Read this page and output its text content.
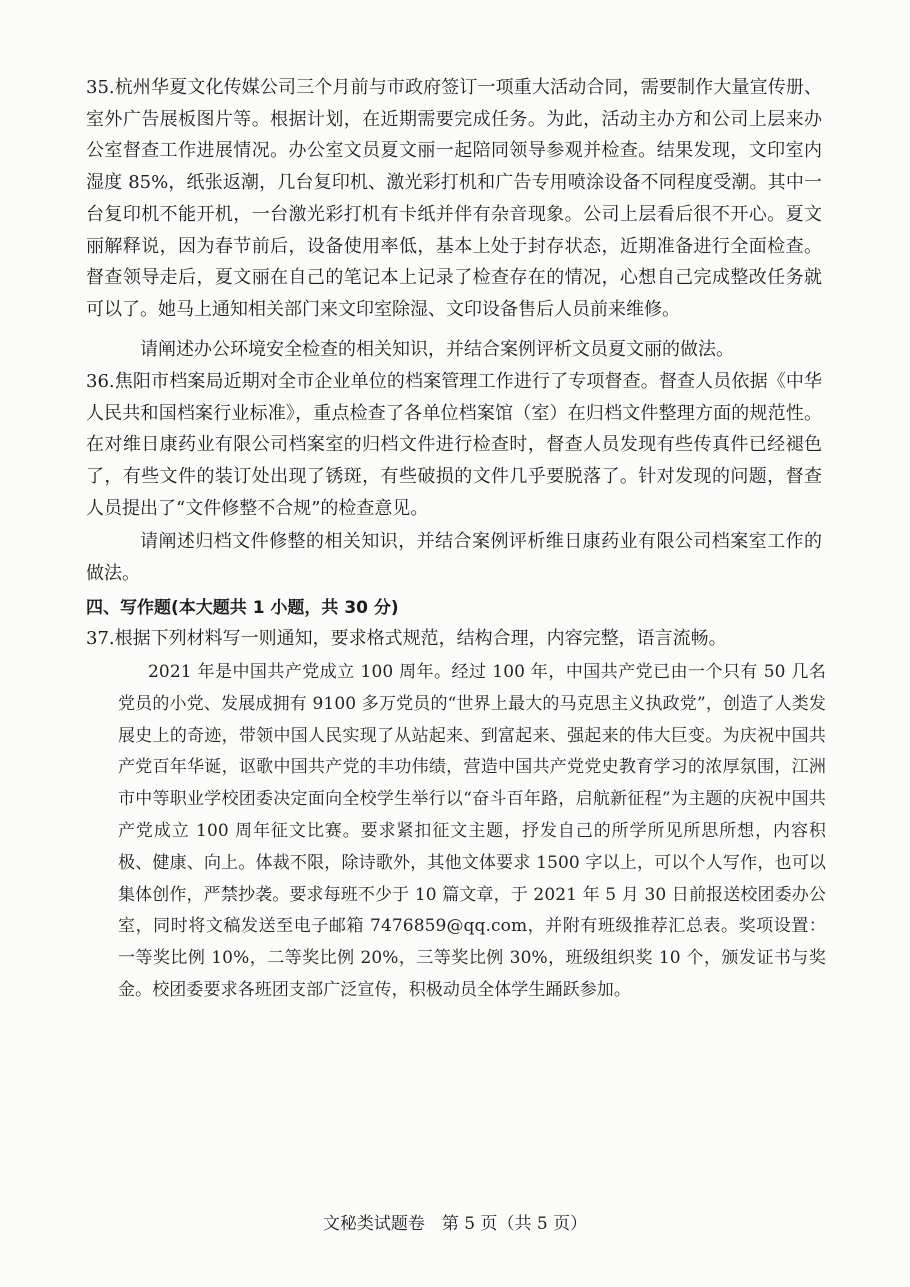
35.杭州华夏文化传媒公司三个月前与市政府签订一项重大活动合同，需要制作大量宣传册、室外广告展板图片等。根据计划，在近期需要完成任务。为此，活动主办方和公司上层来办公室督查工作进展情况。办公室文员夏文丽一起陪同领导参观并检查。结果发现，文印室内湿度 85%，纸张返潮，几台复印机、激光彩打机和广告专用喷涂设备不同程度受潮。其中一台复印机不能开机，一台激光彩打机有卡纸并伴有杂音现象。公司上层看后很不开心。夏文丽解释说，因为春节前后，设备使用率低，基本上处于封存状态，近期准备进行全面检查。督查领导走后，夏文丽在自己的笔记本上记录了检查存在的情况，心想自己完成整改任务就可以了。她马上通知相关部门来文印室除湿、文印设备售后人员前来维修。
请阐述办公环境安全检查的相关知识，并结合案例评析文员夏文丽的做法。
36.焦阳市档案局近期对全市企业单位的档案管理工作进行了专项督查。督查人员依据《中华人民共和国档案行业标准》，重点检查了各单位档案馆（室）在归档文件整理方面的规范性。在对维日康药业有限公司档案室的归档文件进行检查时，督查人员发现有些传真件已经褪色了，有些文件的装订处出现了锈斑，有些破损的文件几乎要脱落了。针对发现的问题，督查人员提出了“文件修整不合规”的检查意见。
请阐述归档文件修整的相关知识，并结合案例评析维日康药业有限公司档案室工作的做法。
四、写作题(本大题共 1 小题，共 30 分)
37.根据下列材料写一则通知，要求格式规范，结构合理，内容完整，语言流畅。
2021 年是中国共产党成立 100 周年。经过 100 年，中国共产党已由一个只有 50 几名党员的小党、发展成拥有 9100 多万党员的“世界上最大的马克思主义执政党”，创造了人类发展史上的奇迹，带领中国人民实现了从站起来、到富起来、强起来的伟大巨变。为庆祝中国共产党百年华诞，讴歌中国共产党的丰功伟绩，营造中国共产党党史教育学习的浓厚氛围，江洲市中等职业学校团委决定面向全校学生举行以“奋斗百年路，启航新征程”为主题的庆祝中国共产党成立 100 周年征文比赛。要求紧扣征文主题，抒发自己的所学所见所思所想，内容积极、健康、向上。体裁不限，除诗歌外，其他文体要求 1500 字以上，可以个人写作，也可以集体创作，严禁抄袭。要求每班不少于 10 篇文章，于 2021 年 5 月 30 日前报送校团委办公室，同时将文稿发送至电子邮箱 7476859@qq.com，并附有班级推荐汇总表。奖项设置：一等奖比例 10%，二等奖比例 20%，三等奖比例 30%，班级组织奖 10 个，颁发证书与奖金。校团委要求各班团支部广泛宣传，积极动员全体学生踊跃参加。
文秘类试题卷　第 5 页（共 5 页）
